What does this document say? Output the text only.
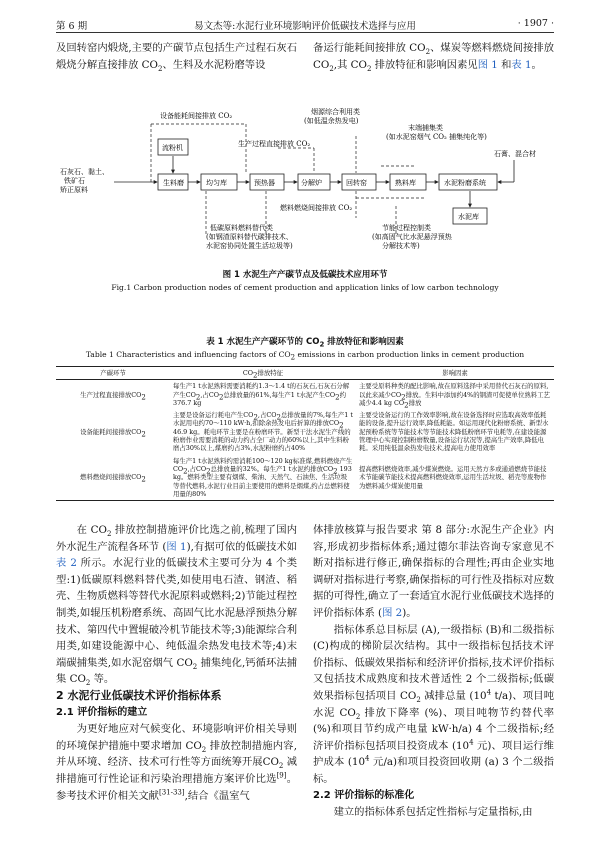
第 6 期	易文杰等:水泥行业环境影响评价低碳技术选择与应用	· 1907 ·

及回转窑内煅烧,主要的产碳节点包括生产过程石灰石煅烧分解直接排放 $CO_2$、生料及水泥粉磨等设

备运行能耗间接排放 $CO_2$、煤炭等燃料燃烧间接排放$CO_2$,其 $CO_2$ 排放特征和影响因素见图 1 和表 1。

石灰石、黏土、
铁矿石
矫正原料
流粉机
生料磨	均匀库	预热器	分解炉	回转窑	熟料库	水泥粉磨系统
水泥库
设备能耗间接排放 CO₂
生产过程直接排放 CO₂
烟源综合利用类
(如低温余热发电)
末端捕集类
(如水泥窑烟气 CO₂ 捕集纯化等)
石膏、混合材
燃料燃烧间接排放 CO₂
低碳原料燃料替代类
(如钢渣原料替代碳排技术、
水泥窑协同处置生活垃圾等)
节能过程控制类
(如高固气比水泥悬浮预热
分解技术等)
图 1 水泥生产产碳节点及低碳技术应用环节
Fig.1 Carbon production nodes of cement production and application links of low carbon technology
表 1 水泥生产产碳环节的 $CO_2$ 排放特征和影响因素
Table 1 Characteristics and influencing factors of $CO_2$ emissions in carbon production links in cement production
产碳环节	$CO_2$排放特征	影响因素
生产过程直接排放$CO_2$	每生产1 t水泥熟料需要消耗约1.3～1.4 t的石灰石,石灰石分解产生$CO_2$,占$CO_2$总排放量的61%,每生产1 t水泥产生$CO_2$约376.7 kg	主要受原料种类的配比影响,故在原料选择中采用替代石灰石的原料,以此来减少$CO_2$排放。生料中添加约4%的钢渣可促使单位熟料工艺减少4.4 kg $CO_2$排放
设备能耗间接排放$CO_2$	主要是设备运行耗电产生$CO_2$,占$CO_2$总排放量的7%,每生产1 t水泥用电约70～110 kW·h,扣除余热发电后折算的排放$CO_2$ 46.9 kg。耗电环节主要是在粉磨环节。新型干法水泥生产线的粉磨作业需要消耗的动力约占全厂动力的60%以上,其中生料粉磨占30%以上,煤磨约占3%,水泥粉磨约占40%	主要受设备运行的工作效率影响,故在设备选择时应选取高效率低耗能的设备,提升运行效率,降低耗能。如运用现代化粉磨系统、新型水泥预粉系统等节能技术等节能技术降低粉磨环节电耗等,在建设能源管理中心实现控制粉磨数量,设备运行状况等,提高生产效率,降低电耗。采用纯低温余热发电技术,提高电力使用效率
燃料燃烧间接排放$CO_2$	每生产1 t水泥熟料约需消耗100～120 kg标准煤,燃料燃烧产生$CO_2$,占$CO_2$总排放量的32%。每生产1 t水泥约排放$CO_2$ 193 kg。燃料类型主要有烟煤、柴油、天然气、石油焦、生活垃圾等替代燃料,水泥行业目前主要使用的燃料是烟煤,约占总燃料使用量的80%	提高燃料燃烧效率,减少煤炭燃烧。运用天然方多或通道燃烧节能技术节能碳节能技术提高燃料燃烧效率,运用生活垃圾、稻壳等废物作为燃料减少煤炭使用量

在 $CO_2$ 排放控制措施评价比选之前,梳理了国内外水泥生产流程各环节 (图 1),有据可依的低碳技术如表 2 所示。水泥行业的低碳技术主要可分为 4 个类型:1)低碳原料燃料替代类,如使用电石渣、钢渣、稻壳、生物质燃料等替代水泥原料或燃料;2)节能过程控制类,如辊压机粉磨系统、高固气比水泥悬浮预热分解技术、第四代中置辊破冷机节能技术等;3)能源综合利用类,如建设能源中心、纯低温余热发电技术等;4)末端碳捕集类,如水泥窑烟气 $CO_2$ 捕集纯化,钙循环法捕集 $CO_2$ 等。

2 水泥行业低碳技术评价指标体系

2.1 评价指标的建立

为更好地应对气候变化、环境影响评价相关导则的环境保护措施中要求增加 $CO_2$ 排放控制措施内容,并从环境、经济、技术可行性等方面统筹开展$CO_2$ 减排措施可行性论证和污染治理措施方案评价比选[9]。参考技术评价相关文献[31-33],结合《温室气

体排放核算与报告要求 第 8 部分:水泥生产企业》内容,形成初步指标体系;通过德尔菲法咨询专家意见不断对指标进行修正,确保指标的合理性;再由企业实地调研对指标进行考察,确保指标的可行性及指标对应数据的可得性,确立了一套适宜水泥行业低碳技术选择的评价指标体系 (图 2)。

指标体系总目标层 (A),一级指标 (B)和二级指标 (C)构成的梯阶层次结构。其中一级指标包括技术评价指标、低碳效果指标和经济评价指标,技术评价指标又包括技术成熟度和技术普适性 2 个二级指标;低碳效果指标包括项目 $CO_2$ 减排总量 ($10^4$ t/a)、项目吨水泥 $CO_2$ 排放下降率 (%)、项目吨物节约替代率 (%)和项目节约成产电量 kW·h/a) 4 个二级指标;经济评价指标包括项目投资成本 ($10^4$ 元)、项目运行维护成本 ($10^4$ 元/a)和项目投资回收期 (a) 3 个二级指标。

2.2 评价指标的标准化

建立的指标体系包括定性指标与定量指标,由
